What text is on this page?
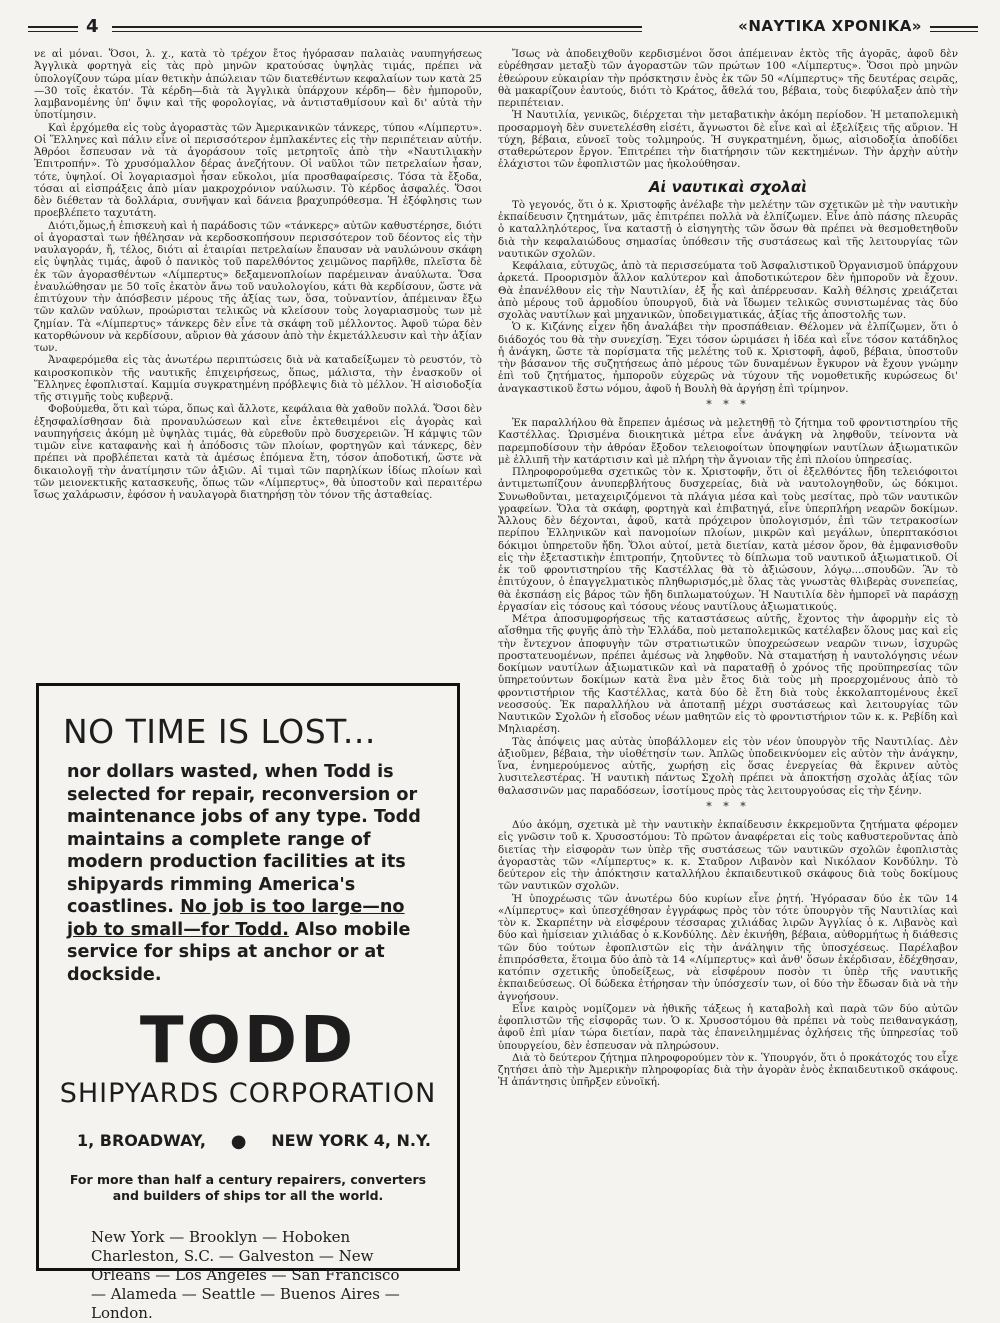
4	«ΝΑΥΤΙΚΑ ΧΡΟΝΙΚΑ»

νε αἱ μόναι. Ὅσοι, λ. χ., κατὰ τὸ τρέχον ἔτος ἠγόρασαν παλαιὰς ναυπηγήσεως Ἀγγλικὰ φορτηγὰ εἰς τὰς πρὸ μηνῶν κρατούσας ὑψηλὰς τιμάς, πρέπει νὰ ὑπολογίζουν τώρα μίαν θετικὴν ἀπώλειαν τῶν διατεθέντων κεφαλαίων των κατὰ 25—30 τοῖς ἑκατόν. Τὰ κέρδη—διὰ τὰ Ἀγγλικὰ ὑπάρχουν κέρδη— δὲν ἠμποροῦν, λαμβανομένης ὑπ' ὄψιν καὶ τῆς φορολογίας, νὰ ἀντισταθμίσουν καὶ δι' αὐτὰ τὴν ὑποτίμησιν.

Καὶ ἐρχόμεθα εἰς τοὺς ἀγοραστὰς τῶν Ἀμερικανικῶν τάνκερς, τύπου «Λίμπερτυ». Οἱ Ἕλληνες καὶ πάλιν εἶνε οἱ περισσότερον ἐμπλακέντες εἰς τὴν περιπέτειαν αὐτήν. Ἀθρόοι ἔσπευσαν νὰ τὰ ἀγοράσουν τοῖς μετρητοῖς ἀπὸ τὴν «Ναυτιλιακὴν Ἐπιτροπήν». Τὸ χρυσόμαλλον δέρας ἀνεζήτουν. Οἱ ναῦλοι τῶν πετρελαίων ἦσαν, τότε, ὑψηλοί. Οἱ λογαριασμοὶ ἦσαν εὔκολοι, μία προσθαφαίρεσις. Τόσα τὰ ἔξοδα, τόσαι αἱ εἰσπράξεις ἀπὸ μίαν μακροχρόνιον ναύλωσιν. Τὸ κέρδος ἀσφαλές. Ὅσοι δὲν διέθεταν τὰ δολλάρια, συνῆψαν καὶ δάνεια βραχυπρόθεσμα. Ἡ ἐξόφλησις των προεβλέπετο ταχυτάτη.

Διότι,ὅμως,ἡ ἐπισκευὴ καὶ ἡ παράδοσις τῶν «τάνκερς» αὐτῶν καθυστέρησε, διότι οἱ ἀγορασταὶ των ἠθέλησαν νὰ κερδοσκοπήσουν περισσότερον τοῦ δέοντος εἰς τὴν ναυλαγοράν, ἤ, τέλος, διότι αἱ ἑταιρίαι πετρελαίων ἔπαυσαν νὰ ναυλώνουν σκάφη εἰς ὑψηλὰς τιμάς, ἀφοῦ ὁ πανικὸς τοῦ παρελθόντος χειμῶνος παρῆλθε, πλεῖστα δὲ ἐκ τῶν ἀγορασθέντων «Λίμπερτυς» δεξαμενοπλοίων παρέμειναν ἀναύλωτα. Ὅσα ἐναυλώθησαν με 50 τοῖς ἑκατὸν ἄνω τοῦ ναυλολογίου, κάτι θὰ κερδίσουν, ὥστε νὰ ἐπιτύχουν τὴν ἀπόσβεσιν μέρους τῆς ἀξίας των, ὅσα, τοὐναντίον, ἀπέμειναν ἔξω τῶν καλῶν ναύλων, προώρισται τελικῶς νὰ κλείσουν τοὺς λογαριασμοὺς των μὲ ζημίαν. Τὰ «Λίμπερτυς» τάνκερς δὲν εἶνε τὰ σκάφη τοῦ μέλλοντος. Ἀφοῦ τώρα δὲν κατορθώνουν νὰ κερδίσουν, αὔριον θὰ χάσουν ἀπὸ τὴν ἐκμετάλλευσιν καὶ τὴν ἀξίαν των.

Ἀναφερόμεθα εἰς τὰς ἀνωτέρω περιπτώσεις διὰ νὰ καταδείξωμεν τὸ ρευστόν, τὸ καιροσκοπικὸν τῆς ναυτικῆς ἐπιχειρήσεως, ὅπως, μάλιστα, τὴν ἐνασκοῦν οἱ Ἕλληνες ἐφοπλισταί. Καμμία συγκρατημένη πρόβλεψις διὰ τὸ μέλλον. Ἡ αἰσιοδοξία τῆς στιγμῆς τοὺς κυβερνᾷ.

Φοβούμεθα, ὅτι καὶ τώρα, ὅπως καὶ ἄλλοτε, κεφάλαια θὰ χαθοῦν πολλά. Ὅσοι δὲν ἐξησφαλίσθησαν διὰ προναυλώσεων καὶ εἶνε ἐκτεθειμένοι εἰς ἀγορὰς καὶ ναυπηγήσεις ἀκόμη μὲ ὑψηλὰς τιμάς, θὰ εὑρεθοῦν πρὸ δυσχερειῶν. Ἡ κάμψις τῶν τιμῶν εἶνε καταφανὴς καὶ ἡ ἀπόδοσις τῶν πλοίων, φορτηγῶν καὶ τάνκερς, δὲν πρέπει νὰ προβλέπεται κατὰ τὰ ἀμέσως ἑπόμενα ἔτη, τόσον ἀποδοτική, ὥστε νὰ δικαιολογῇ τὴν ἀνατίμησιν τῶν ἀξιῶν. Αἱ τιμαὶ τῶν παρηλίκων ἰδίως πλοίων καὶ τῶν μειονεκτικῆς κατασκευῆς, ὅπως τῶν «Λίμπερτυς», θὰ ὑποστοῦν καὶ περαιτέρω ἴσως χαλάρωσιν, ἐφόσον ἡ ναυλαγορὰ διατηρήσῃ τὸν τόνον τῆς ἀσταθείας.

NO TIME IS LOST...
nor dollars wasted, when Todd is selected for repair, reconversion or maintenance jobs of any type. Todd maintains a complete range of modern production facilities at its shipyards rimming America's coastlines. No job is too large—no job to small—for Todd. Also mobile service for ships at anchor or at dockside.
TODD
SHIPYARDS CORPORATION
1, BROADWAY, ● NEW YORK 4, N.Y.
For more than half a century repairers, converters and builders of ships tor all the world.
New York — Brooklyn — Hoboken Charleston, S.C. — Galveston — New Orleans — Los Angeles — San Francisco — Alameda — Seattle — Buenos Aires — London.

Ἴσως νὰ ἀποδειχθοῦν κερδισμένοι ὅσοι ἀπέμειναν ἐκτὸς τῆς ἀγορᾶς, ἀφοῦ δὲν εὑρέθησαν μεταξὺ τῶν ἀγοραστῶν τῶν πρώτων 100 «Λίμπερτυς». Ὅσοι πρὸ μηνῶν ἐθεώρουν εὐκαιρίαν τὴν πρόσκτησιν ἑνὸς ἐκ τῶν 50 «Λίμπερτυς» τῆς δευτέρας σειρᾶς, θὰ μακαρίζουν ἑαυτούς, διότι τὸ Κράτος, ἄθελά του, βέβαια, τοὺς διεφύλαξεν ἀπὸ τὴν περιπέτειαν.

Ἡ Ναυτιλία, γενικῶς, διέρχεται τὴν μεταβατικὴν ἀκόμη περίοδον. Ἡ μεταπολεμικὴ προσαρμογὴ δὲν συνετελέσθη εἰσέτι, ἄγνωστοι δὲ εἶνε καὶ αἱ ἐξελίξεις τῆς αὔριον. Ἡ τύχη, βέβαια, εὐνοεῖ τοὺς τολμηρούς. Ἡ συγκρατημένη, ὅμως, αἰσιοδοξία ἀποδίδει σταθερώτερον ἔργον. Ἐπιτρέπει τὴν διατήρησιν τῶν κεκτημένων. Τὴν ἀρχὴν αὐτὴν ἐλάχιστοι τῶν ἐφοπλιστῶν μας ἠκολούθησαν.

Αἱ ναυτικαὶ σχολαὶ

Τὸ γεγονός, ὅτι ὁ κ. Χριστοφῆς ἀνέλαβε τὴν μελέτην τῶν σχετικῶν μὲ τὴν ναυτικὴν ἐκπαίδευσιν ζητημάτων, μᾶς ἐπιτρέπει πολλὰ νὰ ἐλπίζωμεν. Εἶνε ἀπὸ πάσης πλευρᾶς ὁ καταλληλότερος, ἵνα καταστῇ ὁ εἰσηγητὴς τῶν ὅσων θὰ πρέπει νὰ θεσμοθετηθοῦν διὰ τὴν κεφαλαιώδους σημασίας ὑπόθεσιν τῆς συστάσεως καὶ τῆς λειτουργίας τῶν ναυτικῶν σχολῶν.

Κεφάλαια, εὐτυχῶς, ἀπὸ τὰ περισσεύματα τοῦ Ἀσφαλιστικοῦ Ὀργανισμοῦ ὑπάρχουν ἀρκετά. Προορισμὸν ἄλλον καλύτερον καὶ ἀποδοτικώτερον δὲν ἠμποροῦν νὰ ἔχουν. Θὰ ἐπανέλθουν εἰς τὴν Ναυτιλίαν, ἐξ ἧς καὶ ἀπέρρευσαν. Καλὴ θέλησις χρειάζεται ἀπὸ μέρους τοῦ ἁρμοδίου ὑπουργοῦ, διὰ νὰ ἴδωμεν τελικῶς συνιστωμένας τὰς δύο σχολὰς ναυτίλων καὶ μηχανικῶν, ὑποδειγματικάς, ἀξίας τῆς ἀποστολῆς των.

Ὁ κ. Κιζάνης εἶχεν ἤδη ἀναλάβει τὴν προσπάθειαν. Θέλομεν νὰ ἐλπίζωμεν, ὅτι ὁ διάδοχός του θὰ τὴν συνεχίσῃ. Ἔχει τόσον ὡριμάσει ἡ ἰδέα καὶ εἶνε τόσον κατάδηλος ἡ ἀνάγκη, ὥστε τὰ πορίσματα τῆς μελέτης τοῦ κ. Χριστοφῆ, ἀφοῦ, βέβαια, ὑποστοῦν τὴν βάσανον τῆς συζητήσεως ἀπὸ μέρους τῶν δυναμένων ἔγκυρον νὰ ἔχουν γνώμην ἐπὶ τοῦ ζητήματος, ἠμποροῦν εὐχερῶς νὰ τύχουν τῆς νομοθετικῆς κυρώσεως δι' ἀναγκαστικοῦ ἔστω νόμου, ἀφοῦ ἡ Βουλὴ θὰ ἀργήσῃ ἐπὶ τρίμηνον.

* * *

Ἐκ παραλλήλου θὰ ἔπρεπεν ἀμέσως νὰ μελετηθῇ τὸ ζήτημα τοῦ φροντιστηρίου τῆς Καστέλλας. Ὡρισμένα διοικητικὰ μέτρα εἶνε ἀνάγκη νὰ ληφθοῦν, τείνοντα νὰ παρεμποδίσουν τὴν ἀθρόαν ἔξοδον τελειοφοίτων ὑποψηφίων ναυτίλων ἀξιωματικῶν μὲ ἐλλιπῆ τὴν κατάρτισιν καὶ μὲ πλήρη τὴν ἄγνοιαν τῆς ἐπὶ πλοίου ὑπηρεσίας.

Πληροφορούμεθα σχετικῶς τὸν κ. Χριστοφῆν, ὅτι οἱ ἐξελθόντες ἤδη τελειόφοιτοι ἀντιμετωπίζουν ἀνυπερβλήτους δυσχερείας, διὰ νὰ ναυτολογηθοῦν, ὡς δόκιμοι. Συνωθοῦνται, μεταχειριζόμενοι τὰ πλάγια μέσα καὶ τοὺς μεσίτας, πρὸ τῶν ναυτικῶν γραφείων. Ὅλα τὰ σκάφη, φορτηγὰ καὶ ἐπιβατηγά, εἶνε ὑπερπλήρη νεαρῶν δοκίμων. Ἄλλους δὲν δέχονται, ἀφοῦ, κατὰ πρόχειρον ὑπολογισμόν, ἐπὶ τῶν τετρακοσίων περίπου Ἑλληνικῶν καὶ πανομοίων πλοίων, μικρῶν καὶ μεγάλων, ὑπερπτακόσιοι δόκιμοι ὑπηρετοῦν ἤδη. Ὅλοι αὐτοί, μετὰ διετίαν, κατὰ μέσον ὅρον, θὰ ἐμφανισθοῦν εἰς τὴν ἐξεταστικὴν ἐπιτροπήν, ζητοῦντες τὸ δίπλωμα τοῦ ναυτικοῦ ἀξιωματικοῦ. Οἱ ἐκ τοῦ φροντιστηρίου τῆς Καστέλλας θὰ τὸ ἀξιώσουν, λόγῳ....σπουδῶν. Ἂν τὸ ἐπιτύχουν, ὁ ἐπαγγελματικὸς πληθωρισμός,μὲ ὅλας τὰς γνωστὰς θλιβερὰς συνεπείας, θὰ ἐκσπάσῃ εἰς βάρος τῶν ἤδη διπλωματούχων. Ἡ Ναυτιλία δὲν ἠμπορεῖ νὰ παράσχῃ ἐργασίαν εἰς τόσους καὶ τόσους νέους ναυτίλους ἀξιωματικούς.

Μέτρα ἀποσυμφορήσεως τῆς καταστάσεως αὐτῆς, ἔχοντος τὴν ἀφορμὴν εἰς τὸ αἴσθημα τῆς φυγῆς ἀπὸ τὴν Ἑλλάδα, ποὺ μεταπολεμικῶς κατέλαβεν ὅλους μας καὶ εἰς τὴν ἔντεχνον ἀποφυγὴν τῶν στρατιωτικῶν ὑποχρεώσεων νεαρῶν τινων, ἰσχυρῶς προστατευομένων, πρέπει ἀμέσως νὰ ληφθοῦν. Νὰ σταματήσῃ ἡ ναυτολόγησις νέων δοκίμων ναυτίλων ἀξιωματικῶν καὶ νὰ παραταθῇ ὁ χρόνος τῆς προϋπηρεσίας τῶν ὑπηρετούντων δοκίμων κατὰ ἓνα μὲν ἔτος διὰ τοὺς μὴ προερχομένους ἀπὸ τὸ φροντιστήριον τῆς Καστέλλας, κατὰ δύο δὲ ἔτη διὰ τοὺς ἐκκολαπτομένους ἐκεῖ νεοσσούς. Ἐκ παραλλήλου νὰ ἀποταπῇ μέχρι συστάσεως καὶ λειτουργίας τῶν Ναυτικῶν Σχολῶν ἡ εἴσοδος νέων μαθητῶν εἰς τὸ φροντιστήριον τῶν κ. κ. Ρεβίδη καὶ Μηλιαρέση.

Τὰς ἀπόψεις μας αὐτὰς ὑποβάλλομεν εἰς τὸν νέον ὑπουργὸν τῆς Ναυτιλίας. Δὲν ἀξιοῦμεν, βέβαια, τὴν υἱοθέτησίν των. Ἁπλῶς ὑποδεικνύομεν εἰς αὐτὸν τὴν ἀνάγκην, ἵνα, ἐνημερούμενος αὐτῆς, χωρήσῃ εἰς ὅσας ἐνεργείας θὰ ἔκρινεν αὐτὸς λυσιτελεστέρας. Ἡ ναυτικὴ πάντως Σχολὴ πρέπει νὰ ἀποκτήσῃ σχολὰς ἀξίας τῶν θαλασσινῶν μας παραδόσεων, ἰσοτίμους πρὸς τὰς λειτουργούσας εἰς τὴν ξένην.

* * *

Δύο ἀκόμη, σχετικὰ μὲ τὴν ναυτικὴν ἐκπαίδευσιν ἐκκρεμοῦντα ζητήματα φέρομεν εἰς γνῶσιν τοῦ κ. Χρυσοστόμου: Τὸ πρῶτον ἀναφέρεται εἰς τοὺς καθυστεροῦντας ἀπὸ διετίας τὴν εἰσφορὰν των ὑπὲρ τῆς συστάσεως τῶν ναυτικῶν σχολῶν ἐφοπλιστὰς ἀγοραστὰς τῶν «Λίμπερτυς» κ. κ. Σταῦρον Λιβανὸν καὶ Νικόλαον Κονδύλην. Τὸ δεύτερον εἰς τὴν ἀπόκτησιν καταλλήλου ἐκπαιδευτικοῦ σκάφους διὰ τοὺς δοκίμους τῶν ναυτικῶν σχολῶν.

Ἡ ὑποχρέωσις τῶν ἀνωτέρω δύο κυρίων εἶνε ῥητή. Ἠγόρασαν δύο ἐκ τῶν 14 «Λίμπερτυς» καὶ ὑπεσχέθησαν ἐγγράφως πρὸς τὸν τότε ὑπουργὸν τῆς Ναυτιλίας καὶ τὸν κ. Σκαρπέτην νὰ εἰσφέρουν τέσσαρας χιλιάδας λιρῶν Ἀγγλίας ὁ κ. Λιβανὸς καὶ δύο καὶ ἡμίσειαν χιλιάδας ὁ κ.Κονδύλης. Δὲν ἐκινήθη, βέβαια, αὐθορμήτως ἡ διάθεσις τῶν δύο τούτων ἐφοπλιστῶν εἰς τὴν ἀνάληψιν τῆς ὑποσχέσεως. Παρέλαβον ἐπιπρόσθετα, ἕτοιμα δύο ἀπὸ τὰ 14 «Λίμπερτυς» καὶ ἀνθ' ὅσων ἐκέρδισαν, ἐδέχθησαν, κατόπιν σχετικῆς ὑποδείξεως, νὰ εἰσφέρουν ποσὸν τι ὑπὲρ τῆς ναυτικῆς ἐκπαιδεύσεως. Οἱ δώδεκα ἐτήρησαν τὴν ὑπόσχεσίν των, οἱ δύο τὴν ἔδωσαν διὰ νὰ τὴν ἀγνοήσουν.

Εἶνε καιρὸς νομίζομεν νὰ ἠθικῆς τάξεως ἡ καταβολὴ καὶ παρὰ τῶν δύο αὐτῶν ἐφοπλιστῶν τῆς εἰσφορᾶς των. Ὁ κ. Χρυσοστόμου θὰ πρέπει νὰ τοὺς πειθαναγκάσῃ, ἀφοῦ ἐπὶ μίαν τώρα διετίαν, παρὰ τὰς ἐπανειλημμένας ὀχλήσεις τῆς ὑπηρεσίας τοῦ ὑπουργείου, δὲν ἐσπευσαν νὰ πληρώσουν.

Διὰ τὸ δεύτερον ζήτημα πληροφορούμεν τὸν κ. Ὑπουργόν, ὅτι ὁ προκάτοχός του εἶχε ζητήσει ἀπὸ τὴν Ἀμερικὴν πληροφορίας διὰ τὴν ἀγορὰν ἑνὸς ἐκπαιδευτικοῦ σκάφους. Ἡ ἀπάντησις ὑπῆρξεν εὐνοϊκή.
